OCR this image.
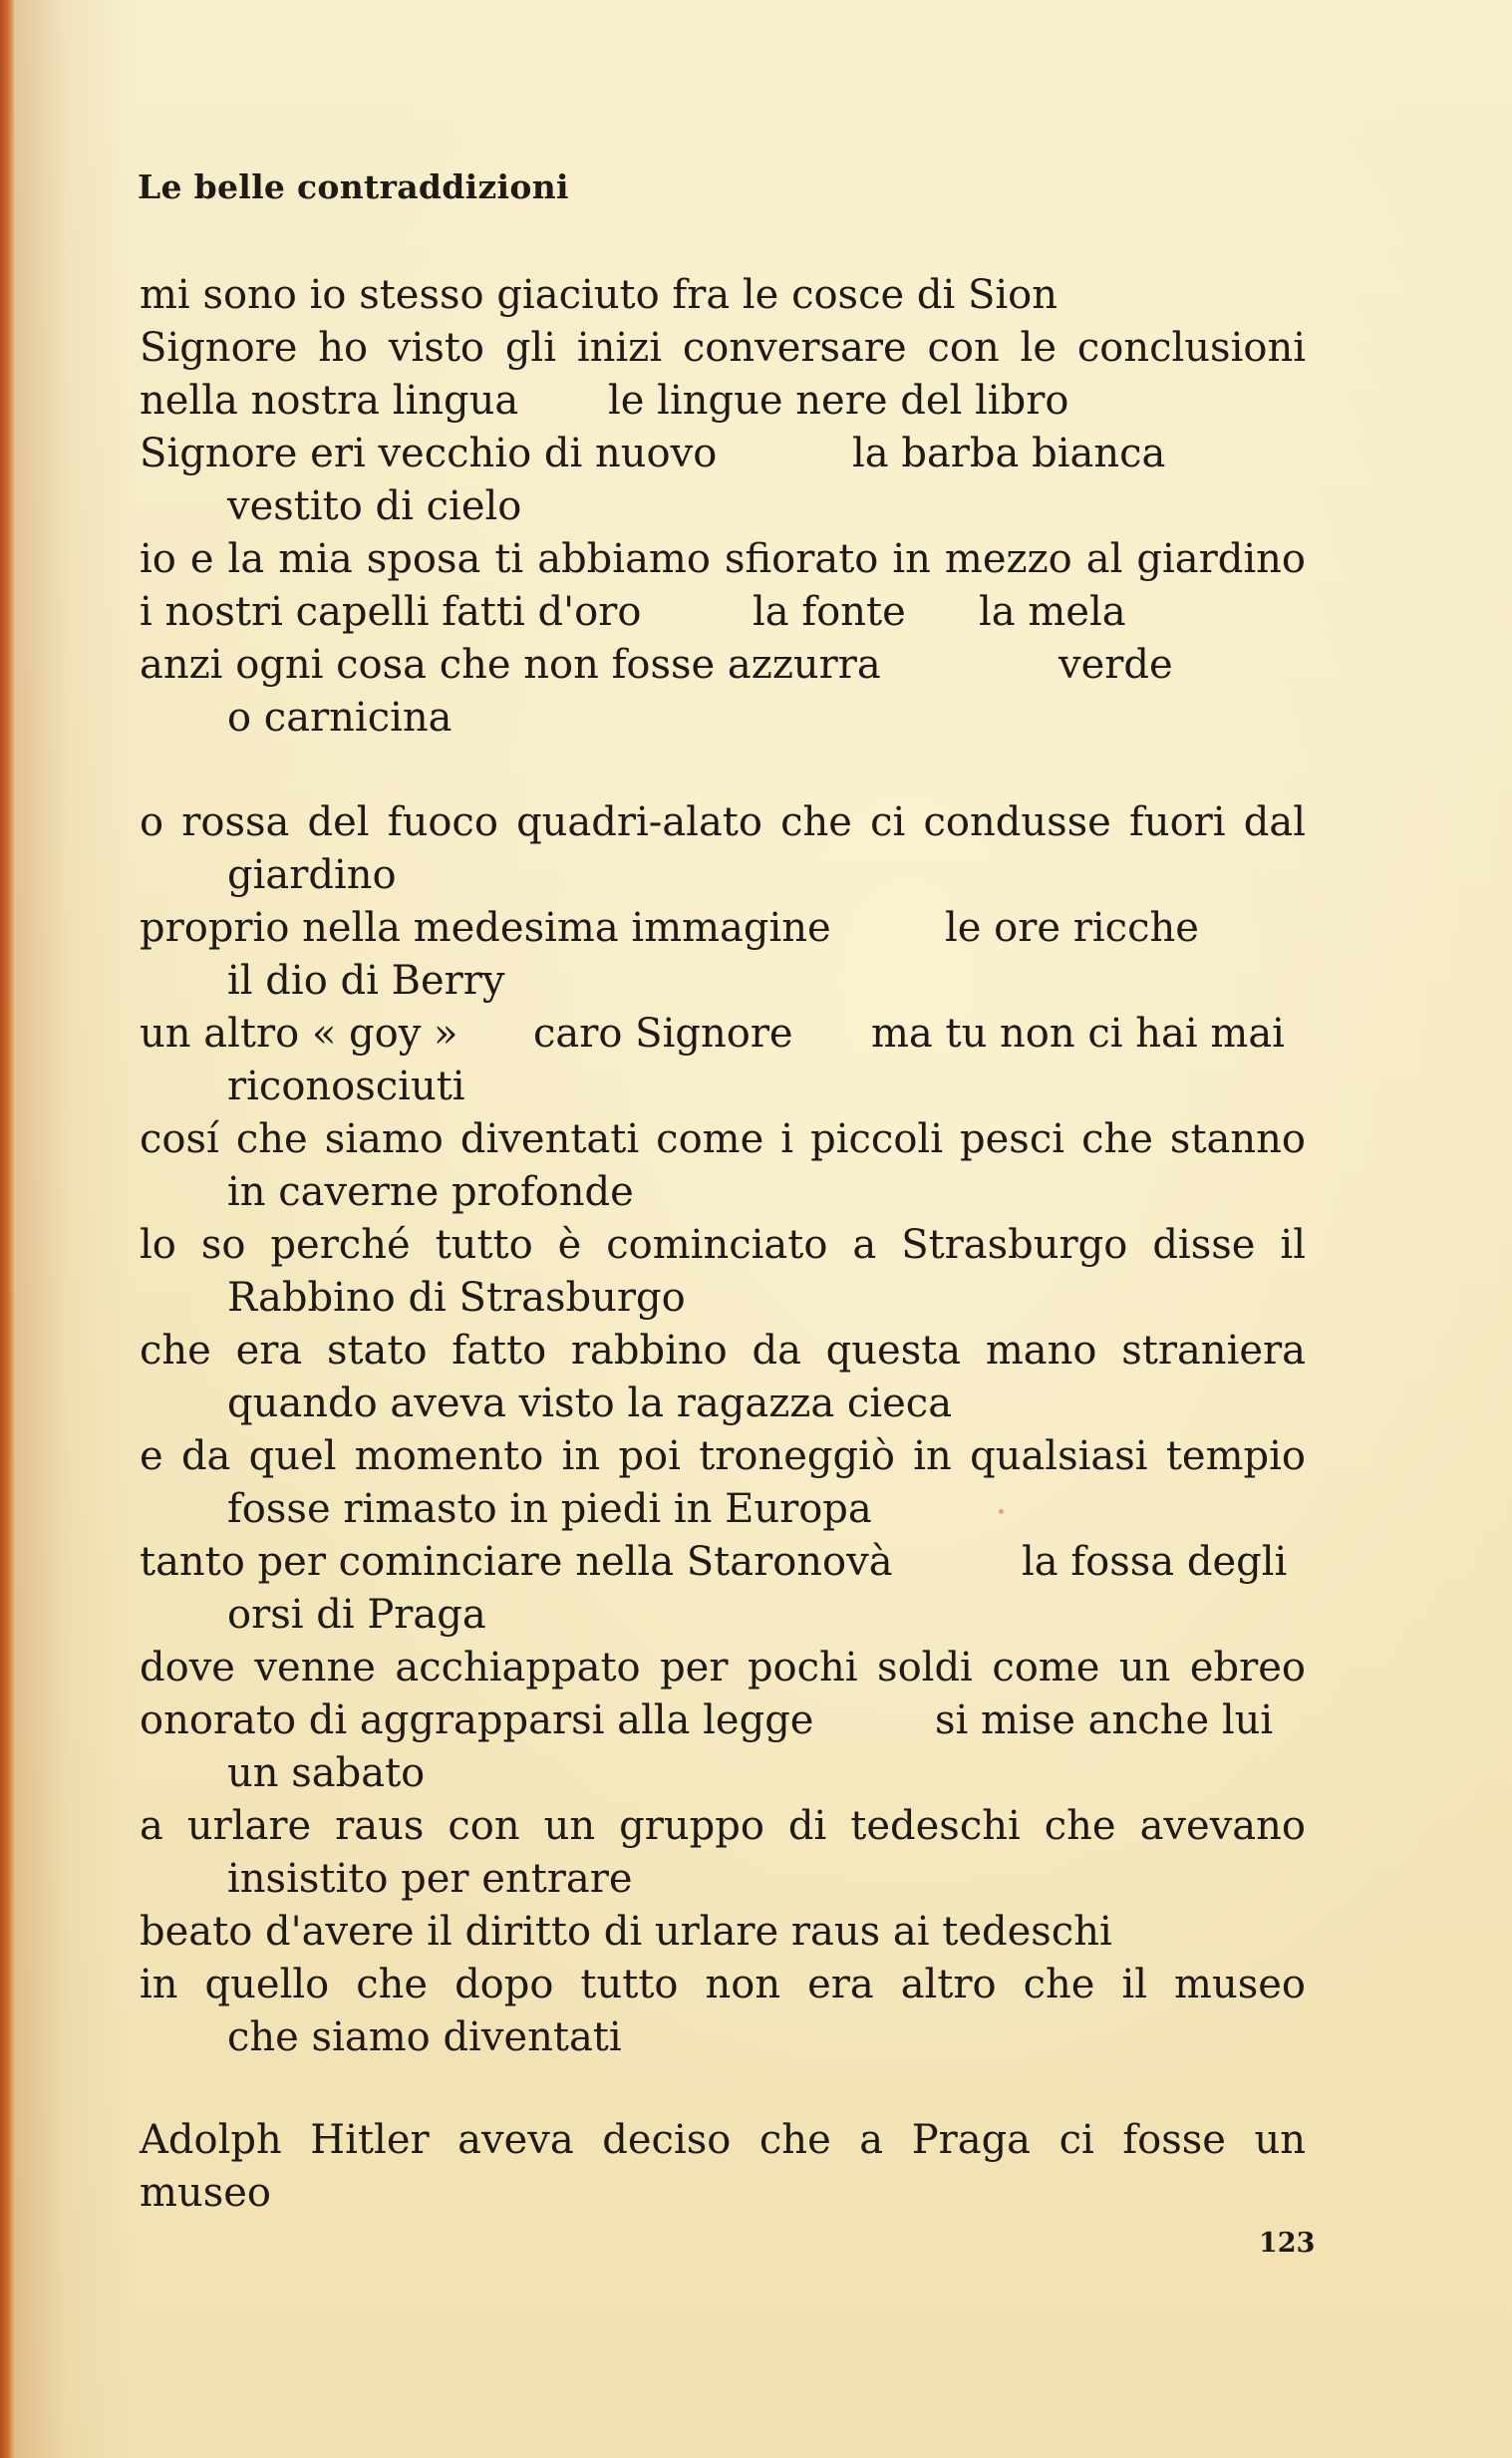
Le belle contraddizioni
mi sono io stesso giaciuto fra le cosce di Sion
Signore ho visto gli inizi conversare con le conclusioni
nella nostra lingua le lingue nere del libro
Signore eri vecchio di nuovo	la barba bianca
vestito di cielo
io e la mia sposa ti abbiamo sfiorato in mezzo al giardino
i nostri capelli fatti d'oro	la fonte la mela
anzi ogni cosa che non fosse azzurra	verde
o carnicina
o rossa del fuoco quadri-alato che ci condusse fuori dal
giardino
proprio nella medesima immagine	le ore ricche
il dio di Berry
un altro « goy » caro Signore ma tu non ci hai mai
riconosciuti
cosí che siamo diventati come i piccoli pesci che stanno
in caverne profonde
lo so perché tutto è cominciato a Strasburgo disse il
Rabbino di Strasburgo
che era stato fatto rabbino da questa mano straniera
quando aveva visto la ragazza cieca
e da quel momento in poi troneggiò in qualsiasi tempio
fosse rimasto in piedi in Europa
tanto per cominciare nella Staronovà	la fossa degli
orsi di Praga
dove venne acchiappato per pochi soldi come un ebreo
onorato di aggrapparsi alla legge	si mise anche lui
un sabato
a urlare raus con un gruppo di tedeschi che avevano
insistito per entrare
beato d'avere il diritto di urlare raus ai tedeschi
in quello che dopo tutto non era altro che il museo
che siamo diventati
Adolph Hitler aveva deciso che a Praga ci fosse un museo
123
